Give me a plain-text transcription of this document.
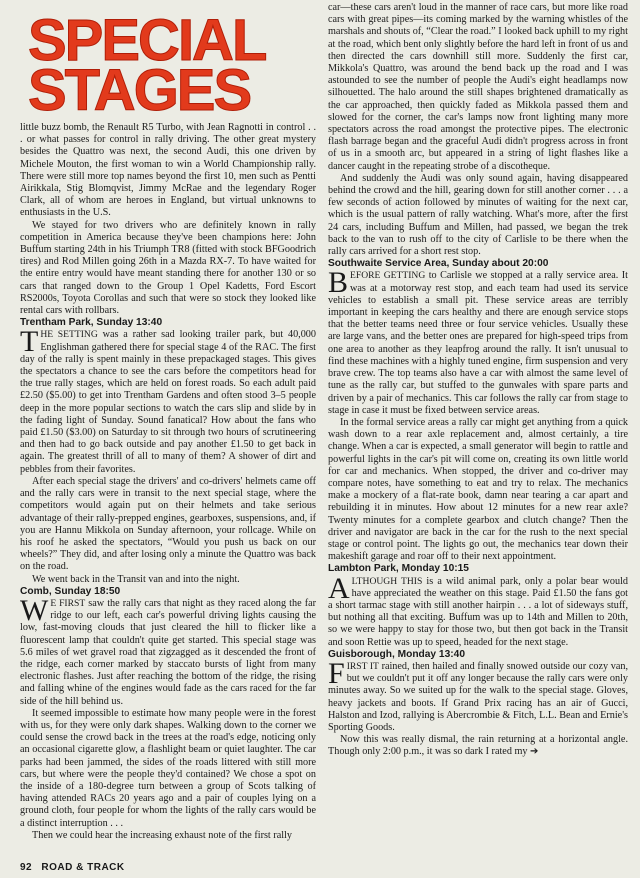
SPECIAL
STAGES

little buzz bomb, the Renault R5 Turbo, with Jean Ragnotti in control . . . or what passes for control in rally driving. The other great mystery besides the Quattro was next, the second Audi, this one driven by Michele Mouton, the first woman to win a World Championship rally. There were still more top names beyond the first 10, men such as Pentti Airikkala, Stig Blomqvist, Jimmy McRae and the legendary Roger Clark, all of whom are heroes in England, but virtual unknowns to enthusiasts in the U.S.

We stayed for two drivers who are definitely known in rally competition in America because they've been champions here: John Buffum starting 24th in his Triumph TR8 (fitted with stock BFGoodrich tires) and Rod Millen going 26th in a Mazda RX-7. To have waited for the entire entry would have meant standing there for another 130 or so cars that ranged down to the Group 1 Opel Kadetts, Ford Escort RS2000s, Toyota Corollas and such that were so stock they looked like rental cars with rollbars.

Trentham Park, Sunday 13:40

THE SETTING was a rather sad looking trailer park, but 40,000 Englishman gathered there for special stage 4 of the RAC. The first day of the rally is spent mainly in these prepackaged stages. This gives the spectators a chance to see the cars before the competitors head for the true rally stages, which are held on forest roads. So each adult paid £2.50 ($5.00) to get into Trentham Gardens and often stood 3–5 people deep in the more popular sections to watch the cars slip and slide by in the fading light of Sunday. Sound fanatical? How about the fans who paid £1.50 ($3.00) on Saturday to sit through two hours of scrutineering and then had to go back outside and pay another £1.50 to get back in again. The greatest thrill of all to many of them? A shower of dirt and pebbles from their favorites.

After each special stage the drivers' and co-drivers' helmets came off and the rally cars were in transit to the next special stage, where the competitors would again put on their helmets and take serious advantage of their rally-prepped engines, gearboxes, suspensions, and, if you are Hannu Mikkola on Sunday afternoon, your rollcage. While on his roof he asked the spectators, “Would you push us back on our wheels?” They did, and after losing only a minute the Quattro was back on the road.

We went back in the Transit van and into the night.

Comb, Sunday 18:50

W E FIRST saw the rally cars that night as they raced along the far ridge to our left, each car's powerful driving lights causing the low, fast-moving clouds that just cleared the hill to flicker like a fluorescent lamp that couldn't quite get started. This special stage was 5.6 miles of wet gravel road that zigzagged as it descended the front of the ridge, each corner marked by staccato bursts of light from many electronic flashes. Just after reaching the bottom of the ridge, the rising and falling whine of the engines would fade as the cars raced for the far side of the hill behind us.

It seemed impossible to estimate how many people were in the forest with us, for they were only dark shapes. Walking down to the corner we could sense the crowd back in the trees at the road's edge, noticing only an occasional cigarette glow, a flashlight beam or quiet laughter. The car parks had been jammed, the sides of the roads littered with still more cars, but where were the people they'd contained? We chose a spot on the inside of a 180-degree turn between a group of Scots talking of having attended RACs 20 years ago and a pair of couples lying on a ground cloth, four people for whom the lights of the rally cars would be a distinct interruption . . .

Then we could hear the increasing exhaust note of the first rally

car—these cars aren't loud in the manner of race cars, but more like road cars with great pipes—its coming marked by the warning whistles of the marshals and shouts of, “Clear the road.” I looked back uphill to my right at the road, which bent only slightly before the hard left in front of us and then directed the cars downhill still more. Suddenly the first car, Mikkola's Quattro, was around the bend back up the road and I was astounded to see the number of people the Audi's eight headlamps now silhouetted. The halo around the still shapes brightened dramatically as the car approached, then quickly faded as Mikkola passed them and slowed for the corner, the car's lamps now front lighting many more spectators across the road amongst the protective pipes. The electronic flash barrage began and the graceful Audi didn't progress across in front of us in a smooth arc, but appeared in a string of light flashes like a dancer caught in the repeating strobe of a discotheque.

And suddenly the Audi was only sound again, having disappeared behind the crowd and the hill, gearing down for still another corner . . . a few seconds of action followed by minutes of waiting for the next car, which is the usual pattern of rally watching. What's more, after the first 24 cars, including Buffum and Millen, had passed, we began the trek back to the van to rush off to the city of Carlisle to be there when the rally cars arrived for a short rest stop.

Southwaite Service Area, Sunday about 20:00

BEFORE GETTING to Carlisle we stopped at a rally service area. It was at a motorway rest stop, and each team had used its service vehicles to establish a small pit. These service areas are terribly important in keeping the cars healthy and there are enough service stops that the better teams need three or four service vehicles. Usually these are large vans, and the better ones are prepared for high-speed trips from one area to another as they leapfrog around the rally. It isn't unusual to find these machines with a highly tuned engine, firm suspension and very brave crew. The top teams also have a car with almost the same level of tune as the rally car, but stuffed to the gunwales with spare parts and driven by a pair of mechanics. This car follows the rally car from stage to stage in case it must be fixed between service areas.

In the formal service areas a rally car might get anything from a quick wash down to a rear axle replacement and, almost certainly, a tire change. When a car is expected, a small generator will begin to rattle and powerful lights in the car's pit will come on, creating its own little world for car and mechanics. When stopped, the driver and co-driver may compare notes, have something to eat and try to relax. The mechanics make a mockery of a flat-rate book, damn near tearing a car apart and rebuilding it in minutes. How about 12 minutes for a new rear axle? Twenty minutes for a complete gearbox and clutch change? Then the driver and navigator are back in the car for the rush to the next special stage or control point. The lights go out, the mechanics tear down their makeshift garage and roar off to their next appointment.

Lambton Park, Monday 10:15

ALTHOUGH THIS is a wild animal park, only a polar bear would have appreciated the weather on this stage. Paid £1.50 the fans got a short tarmac stage with still another hairpin . . . a lot of sideways stuff, but nothing all that exciting. Buffum was up to 14th and Millen to 20th, so we were happy to stay for those two, but then got back in the Transit and soon Rettie was up to speed, headed for the next stage.

Guisborough, Monday 13:40

FIRST IT rained, then hailed and finally snowed outside our cozy van, but we couldn't put it off any longer because the rally cars were only minutes away. So we suited up for the walk to the special stage. Gloves, heavy jackets and boots. If Grand Prix racing has an air of Gucci, Halston and Izod, rallying is Abercrombie & Fitch, L.L. Bean and Ernie's Sporting Goods.

Now this was really dismal, the rain returning at a horizontal angle. Though only 2:00 p.m., it was so dark I rated my ➔

92 ROAD & TRACK
